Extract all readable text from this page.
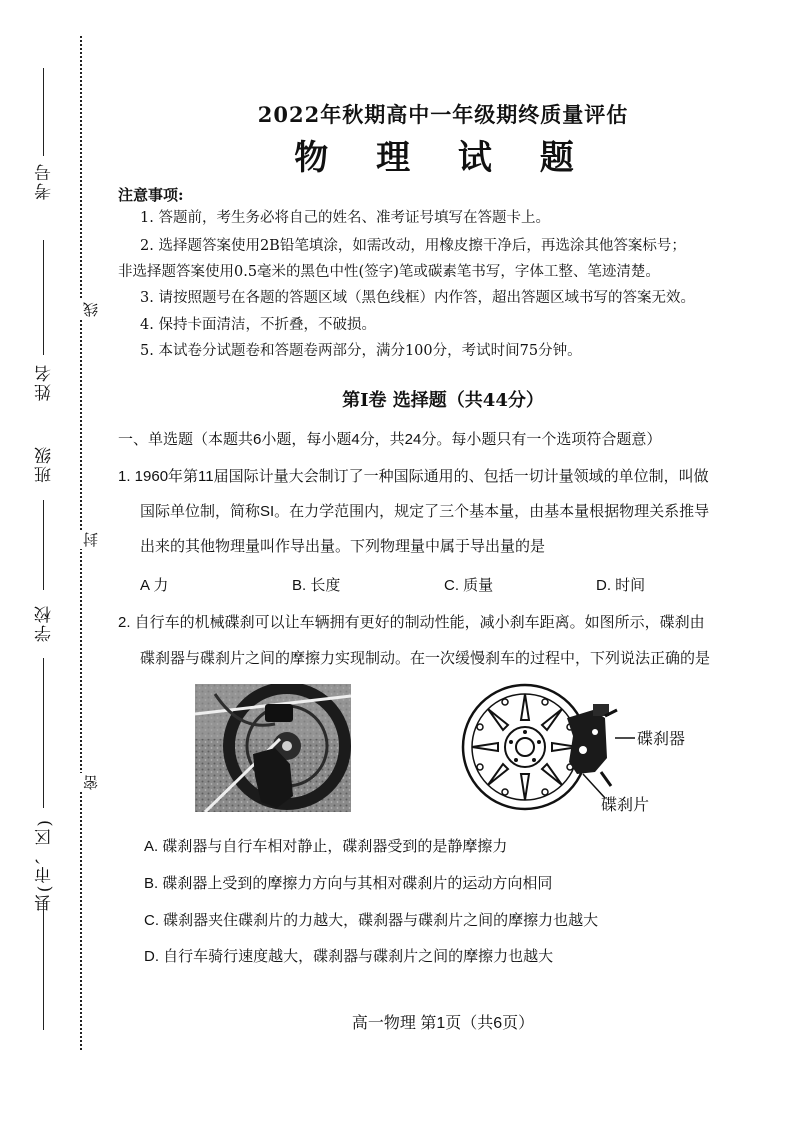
考号
姓名
班级
学校
县(市、区)
线
封
密
2022年秋期高中一年级期终质量评估
物 理 试 题
注意事项:
1. 答题前，考生务必将自己的姓名、准考证号填写在答题卡上。
2. 选择题答案使用2B铅笔填涂，如需改动，用橡皮擦干净后，再选涂其他答案标号；
非选择题答案使用0.5毫米的黑色中性(签字)笔或碳素笔书写，字体工整、笔迹清楚。
3. 请按照题号在各题的答题区域（黑色线框）内作答，超出答题区域书写的答案无效。
4. 保持卡面清洁，不折叠，不破损。
5. 本试卷分试题卷和答题卷两部分，满分100分，考试时间75分钟。
第Ⅰ卷 选择题（共44分）
一、单选题（本题共6小题，每小题4分，共24分。每小题只有一个选项符合题意）
1. 1960年第11届国际计量大会制订了一种国际通用的、包括一切计量领域的单位制，叫做
国际单位制，简称SI。在力学范围内，规定了三个基本量，由基本量根据物理关系推导
出来的其他物理量叫作导出量。下列物理量中属于导出量的是
A 力	B. 长度	C. 质量	D. 时间
2. 自行车的机械碟刹可以让车辆拥有更好的制动性能，减小刹车距离。如图所示，碟刹由
碟刹器与碟刹片之间的摩擦力实现制动。在一次缓慢刹车的过程中，下列说法正确的是
A. 碟刹器与自行车相对静止，碟刹器受到的是静摩擦力
B. 碟刹器上受到的摩擦力方向与其相对碟刹片的运动方向相同
C. 碟刹器夹住碟刹片的力越大，碟刹器与碟刹片之间的摩擦力也越大
D. 自行车骑行速度越大，碟刹器与碟刹片之间的摩擦力也越大
高一物理 第1页（共6页）
碟刹器
碟刹片
